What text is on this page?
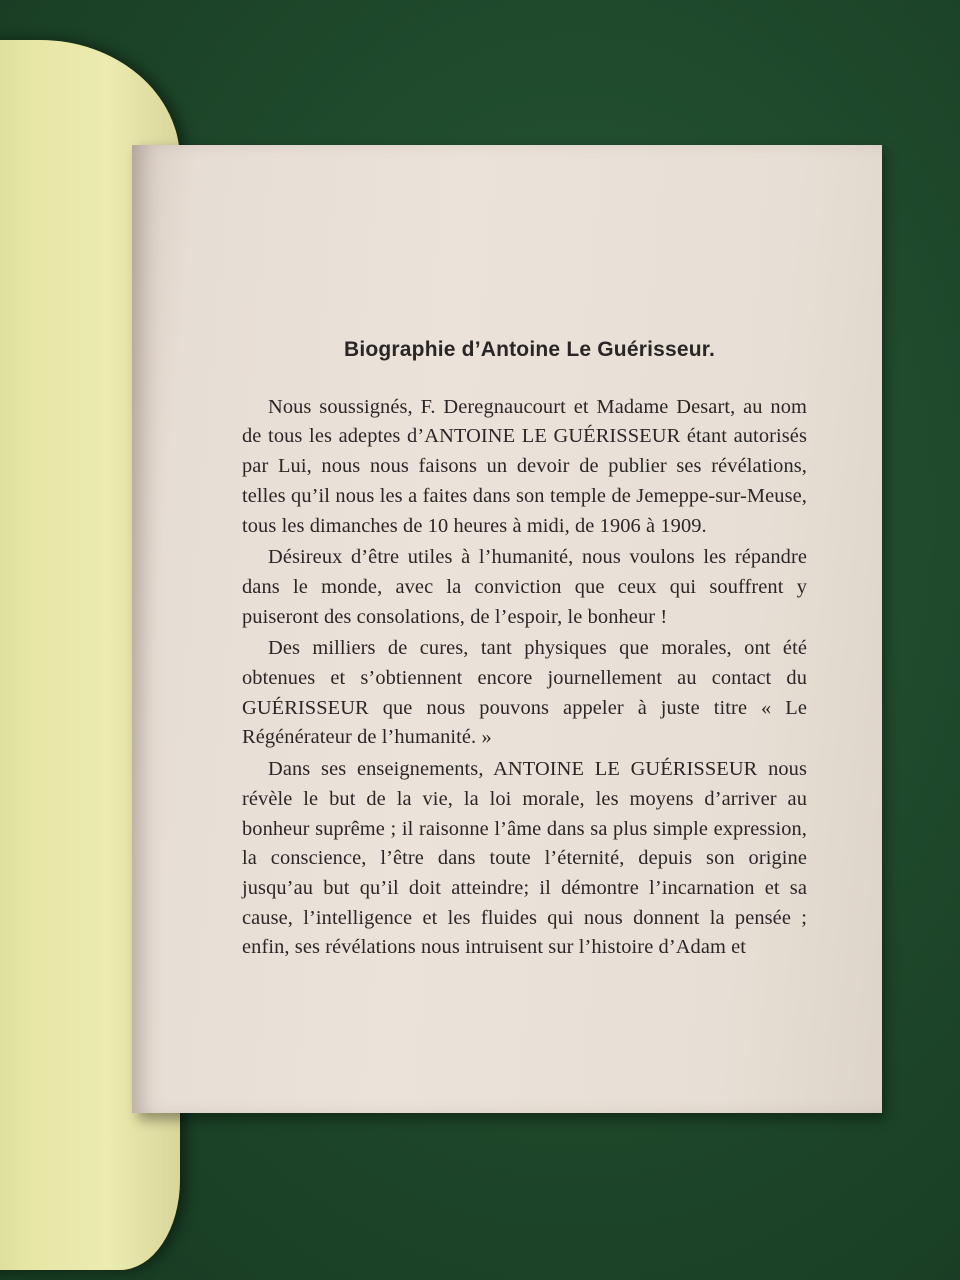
Biographie d’Antoine Le Guérisseur.

Nous soussignés, F. Deregnaucourt et Madame Desart, au nom de tous les adeptes d’ANTOINE LE GUÉRISSEUR étant autorisés par Lui, nous nous faisons un devoir de publier ses révélations, telles qu’il nous les a faites dans son temple de Jemeppe-sur-Meuse, tous les dimanches de 10 heures à midi, de 1906 à 1909.

Désireux d’être utiles à l’humanité, nous voulons les répandre dans le monde, avec la conviction que ceux qui souffrent y puiseront des consolations, de l’espoir, le bonheur !

Des milliers de cures, tant physiques que morales, ont été obtenues et s’obtiennent encore journellement au contact du GUÉRISSEUR que nous pouvons appeler à juste titre « Le Régénérateur de l’humanité. »

Dans ses enseignements, ANTOINE LE GUÉRISSEUR nous révèle le but de la vie, la loi morale, les moyens d’arriver au bonheur suprême ; il raisonne l’âme dans sa plus simple expression, la conscience, l’être dans toute l’éternité, depuis son origine jusqu’au but qu’il doit atteindre; il démontre l’incarnation et sa cause, l’intelligence et les fluides qui nous donnent la pensée ; enfin, ses révélations nous intruisent sur l’histoire d’Adam et
